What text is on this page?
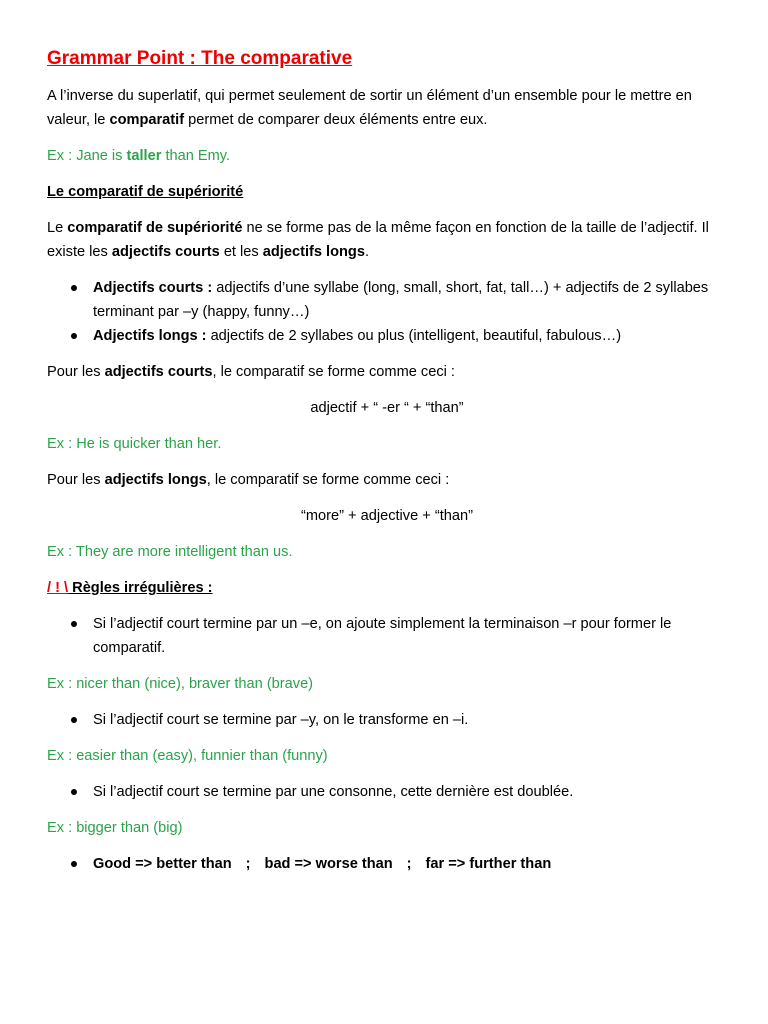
Grammar Point : The comparative

A l’inverse du superlatif, qui permet seulement de sortir un élément d’un ensemble pour le mettre en valeur, le comparatif permet de comparer deux éléments entre eux.

Ex : Jane is taller than Emy.

Le comparatif de supériorité

Le comparatif de supériorité ne se forme pas de la même façon en fonction de la taille de l’adjectif. Il existe les adjectifs courts et les adjectifs longs.

Adjectifs courts : adjectifs d’une syllabe (long, small, short, fat, tall…) + adjectifs de 2 syllabes terminant par –y (happy, funny…)
Adjectifs longs : adjectifs de 2 syllabes ou plus (intelligent, beautiful, fabulous…)

Pour les adjectifs courts, le comparatif se forme comme ceci :

adjectif + “ -er “ + “than”

Ex : He is quicker than her.

Pour les adjectifs longs, le comparatif se forme comme ceci :

“more” + adjective + “than”

Ex : They are more intelligent than us.

/ ! \ Règles irrégulières :

Si l’adjectif court termine par un –e, on ajoute simplement la terminaison –r pour former le comparatif.

Ex : nicer than (nice), braver than (brave)

Si l’adjectif court se termine par –y, on le transforme en –i.

Ex : easier than (easy), funnier than (funny)

Si l’adjectif court se termine par une consonne, cette dernière est doublée.

Ex : bigger than (big)

Good => better than ; bad => worse than ; far => further than
